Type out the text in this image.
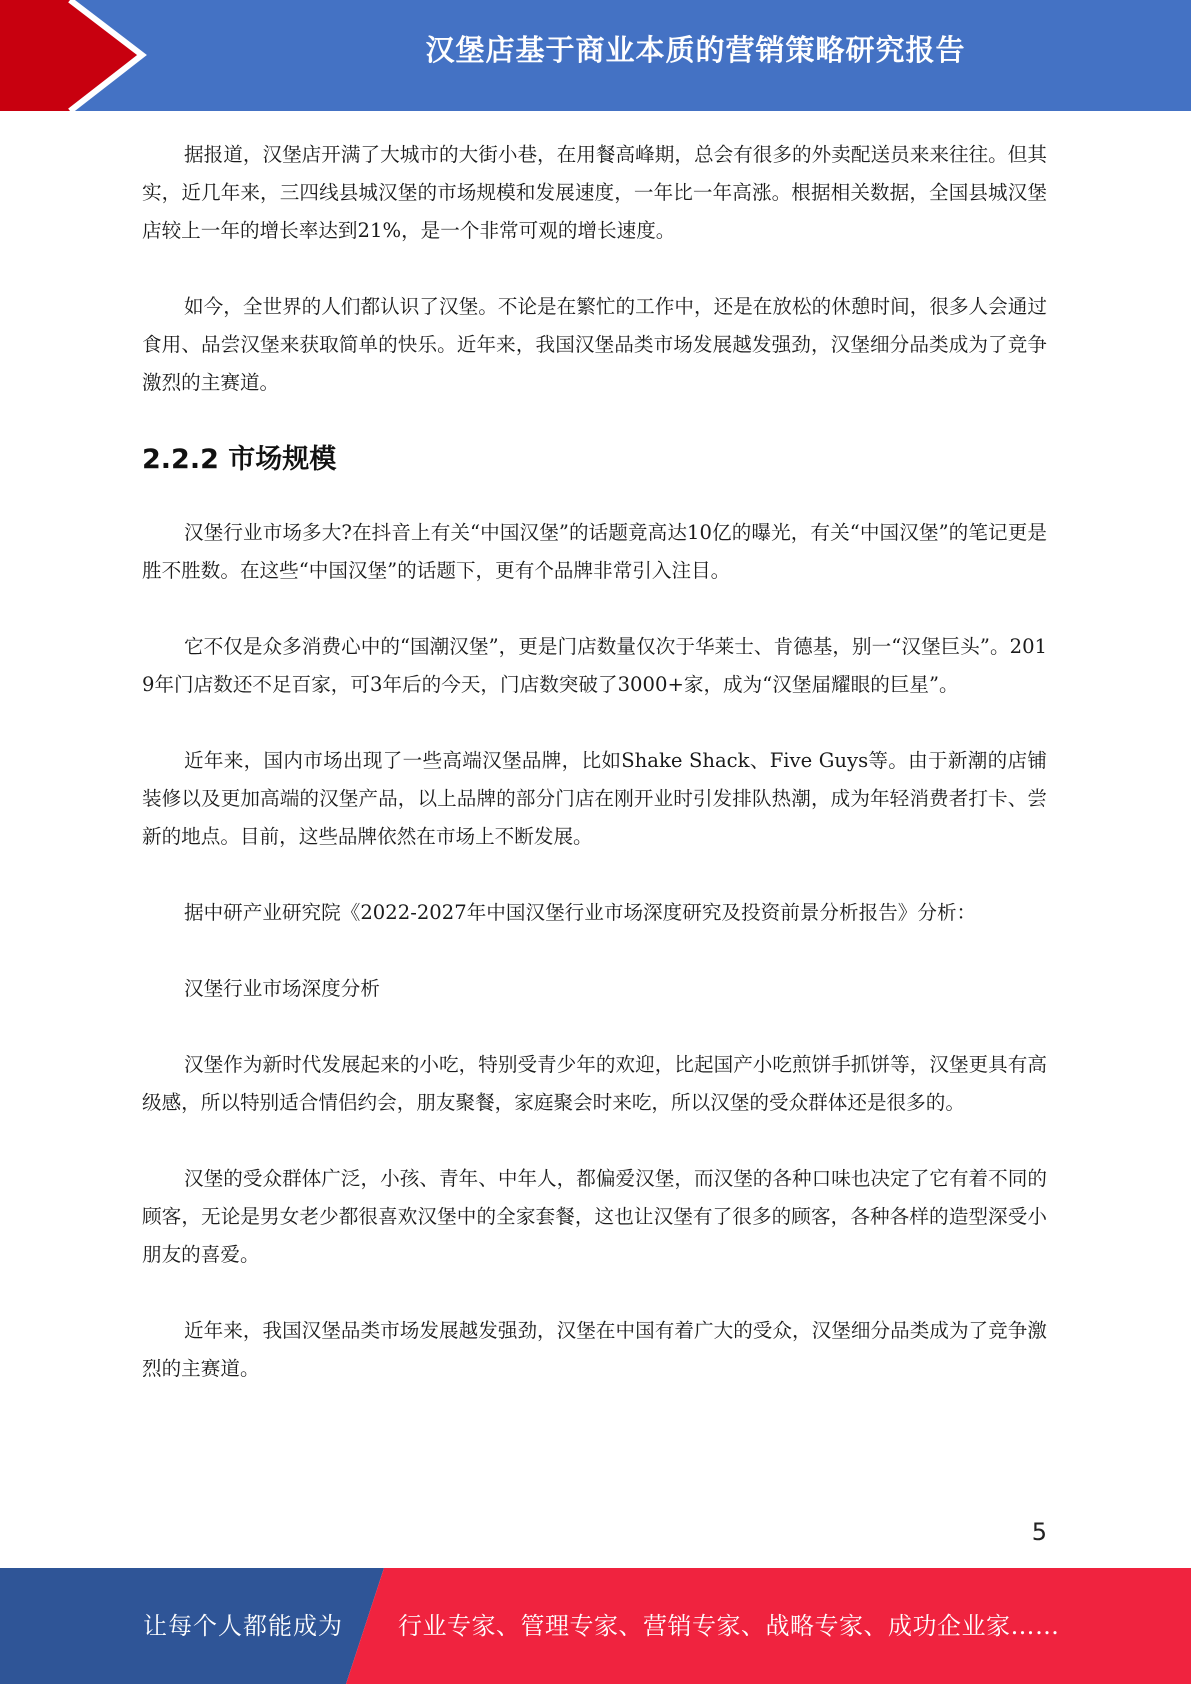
汉堡店基于商业本质的营销策略研究报告

据报道，汉堡店开满了大城市的大街小巷，在用餐高峰期，总会有很多的外卖配送员来来往往。但其实，近几年来，三四线县城汉堡的市场规模和发展速度，一年比一年高涨。根据相关数据，全国县城汉堡店较上一年的增长率达到21%，是一个非常可观的增长速度。

如今，全世界的人们都认识了汉堡。不论是在繁忙的工作中，还是在放松的休憩时间，很多人会通过食用、品尝汉堡来获取简单的快乐。近年来，我国汉堡品类市场发展越发强劲，汉堡细分品类成为了竞争激烈的主赛道。

2.2.2 市场规模

汉堡行业市场多大?在抖音上有关“中国汉堡”的话题竟高达10亿的曝光，有关“中国汉堡”的笔记更是胜不胜数。在这些“中国汉堡”的话题下，更有个品牌非常引入注目。

它不仅是众多消费心中的“国潮汉堡”，更是门店数量仅次于华莱士、肯德基，别一“汉堡巨头”。2019年门店数还不足百家，可3年后的今天，门店数突破了3000+家，成为“汉堡届耀眼的巨星”。

近年来，国内市场出现了一些高端汉堡品牌，比如Shake Shack、Five Guys等。由于新潮的店铺装修以及更加高端的汉堡产品，以上品牌的部分门店在刚开业时引发排队热潮，成为年轻消费者打卡、尝新的地点。目前，这些品牌依然在市场上不断发展。

据中研产业研究院《2022-2027年中国汉堡行业市场深度研究及投资前景分析报告》分析：

汉堡行业市场深度分析

汉堡作为新时代发展起来的小吃，特别受青少年的欢迎，比起国产小吃煎饼手抓饼等，汉堡更具有高级感，所以特别适合情侣约会，朋友聚餐，家庭聚会时来吃，所以汉堡的受众群体还是很多的。

汉堡的受众群体广泛，小孩、青年、中年人，都偏爱汉堡，而汉堡的各种口味也决定了它有着不同的顾客，无论是男女老少都很喜欢汉堡中的全家套餐，这也让汉堡有了很多的顾客，各种各样的造型深受小朋友的喜爱。

近年来，我国汉堡品类市场发展越发强劲，汉堡在中国有着广大的受众，汉堡细分品类成为了竞争激烈的主赛道。

5
让每个人都能成为 行业专家、管理专家、营销专家、战略专家、成功企业家……
